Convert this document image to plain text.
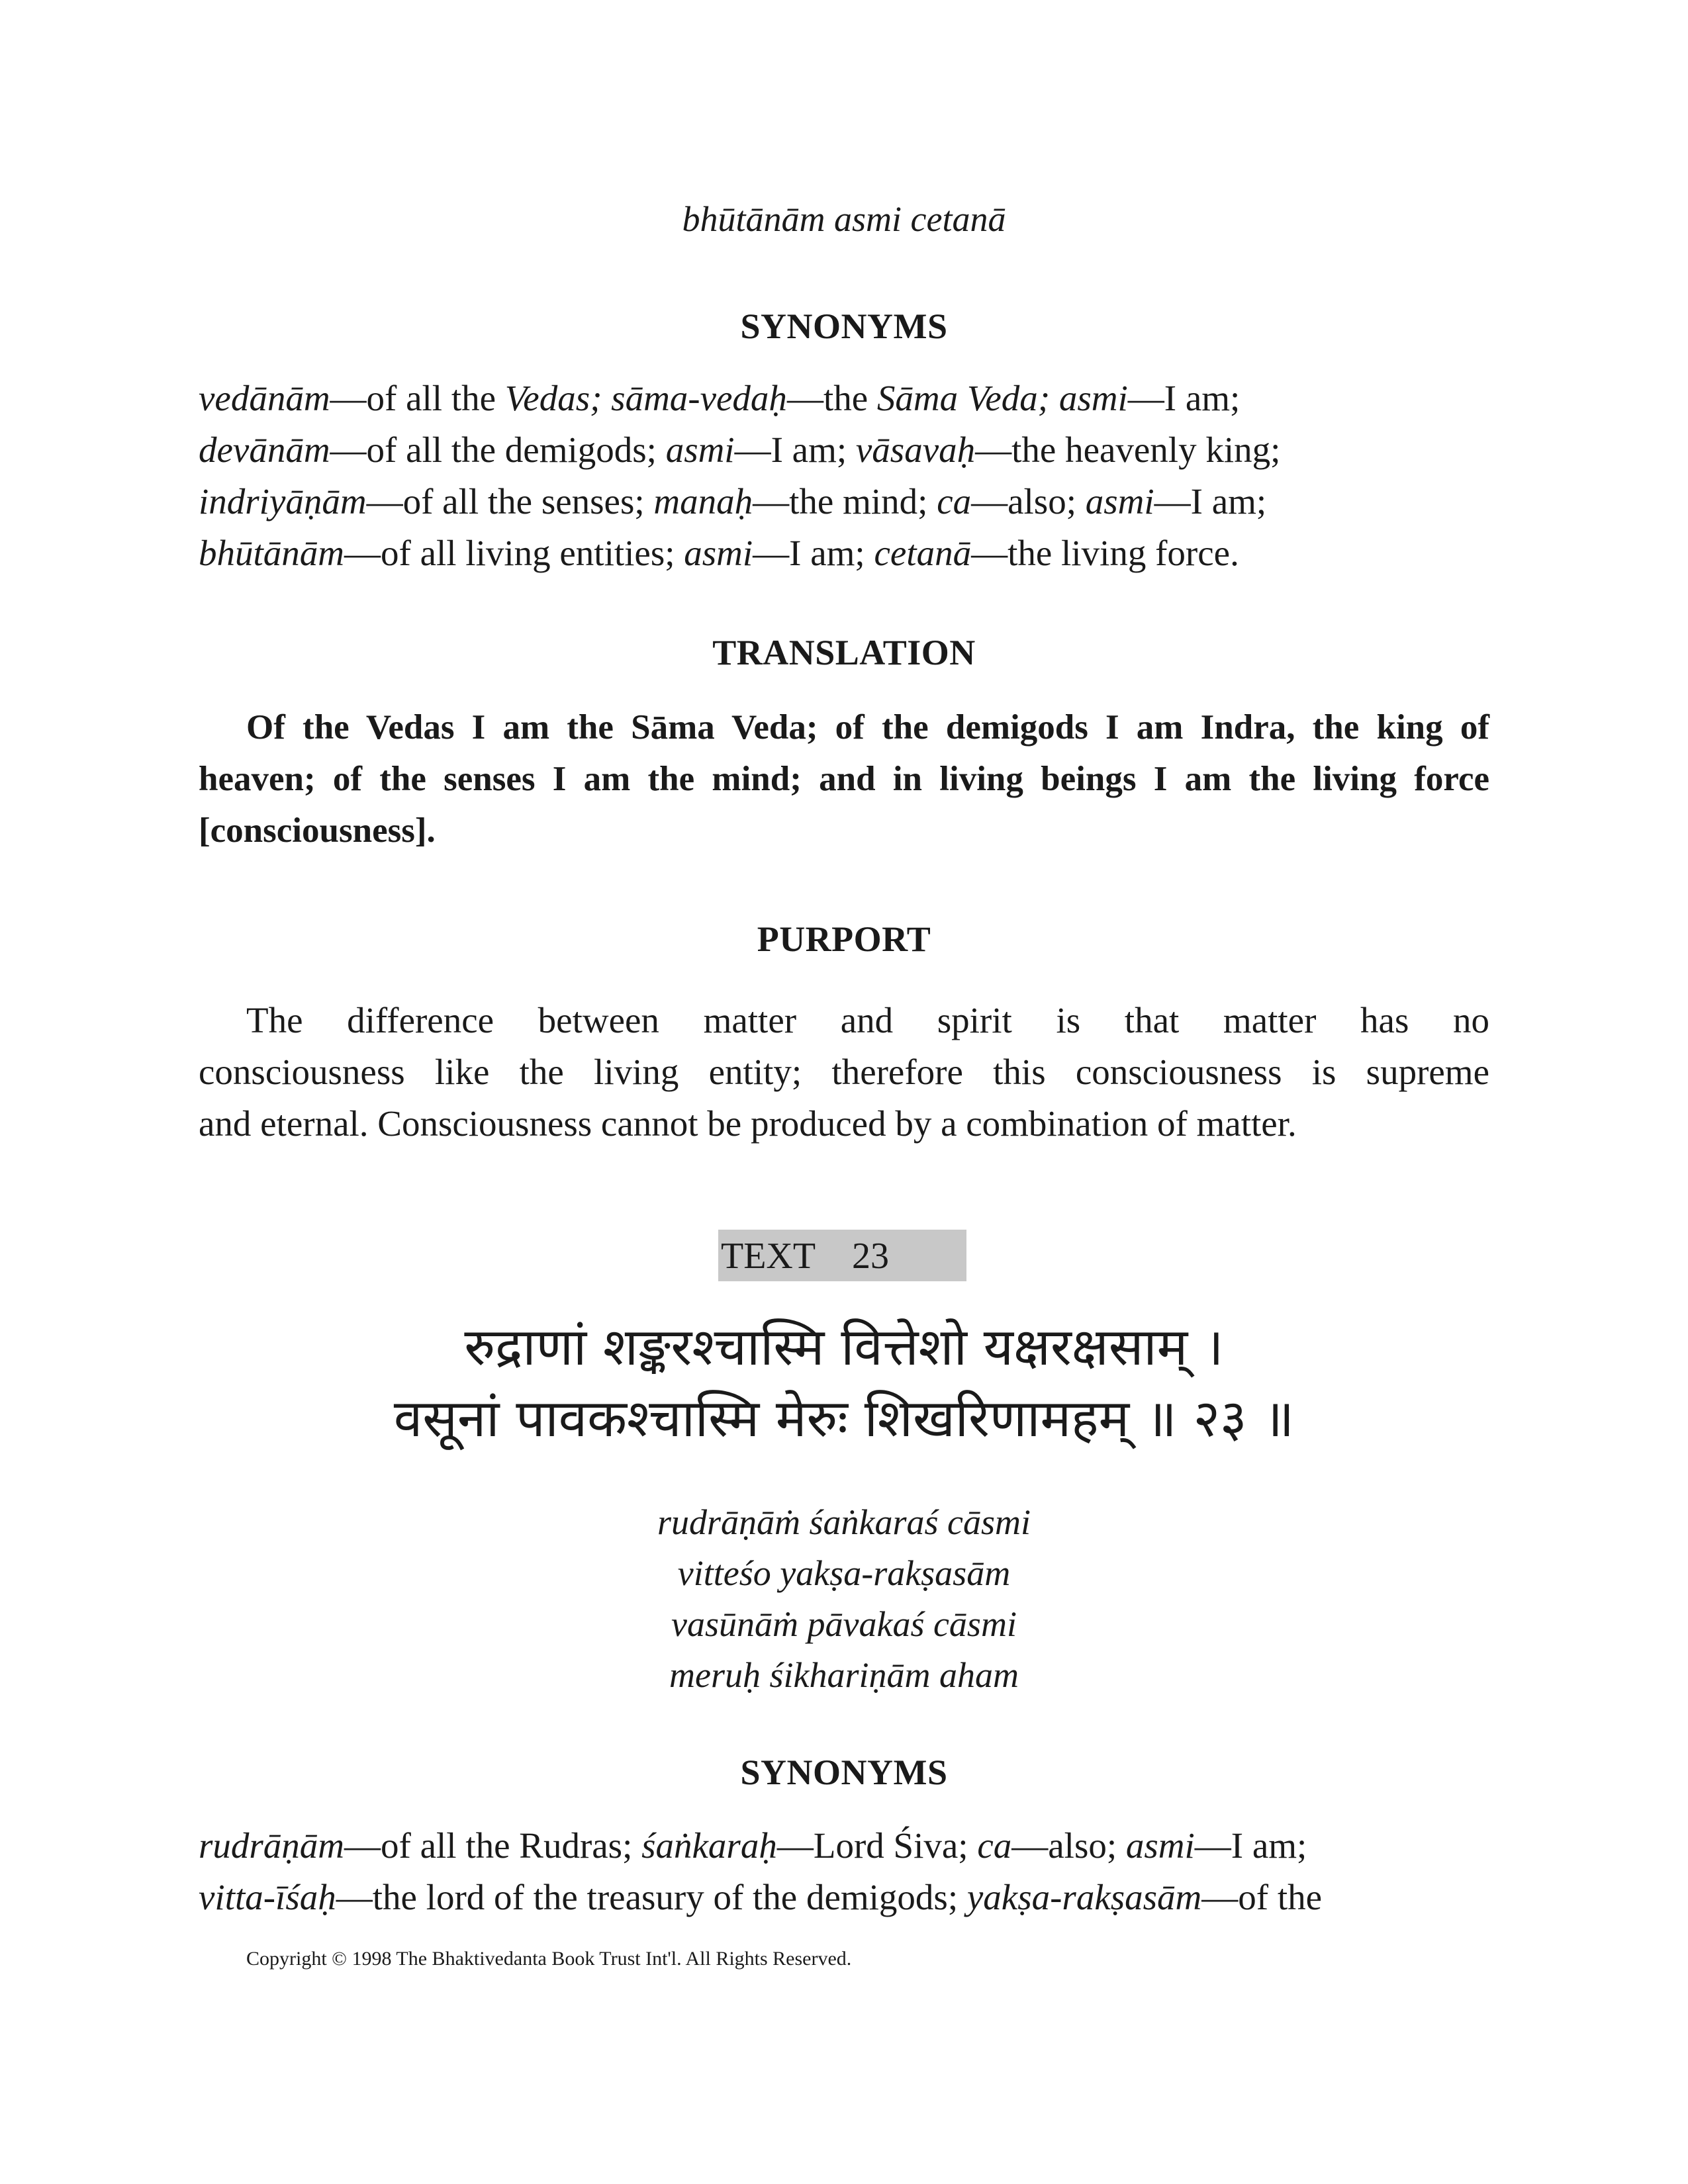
bhūtānām asmi cetanā
SYNONYMS
vedānām—of all the Vedas; sāma-vedaḥ—the Sāma Veda; asmi—I am;
devānām—of all the demigods; asmi—I am; vāsavaḥ—the heavenly king;
indriyāṇām—of all the senses; manaḥ—the mind; ca—also; asmi—I am;
bhūtānām—of all living entities; asmi—I am; cetanā—the living force.
TRANSLATION
Of the Vedas I am the Sāma Veda; of the demigods I am Indra, the king of
heaven; of the senses I am the mind; and in living beings I am the living force
[consciousness].
PURPORT
The difference between matter and spirit is that matter has no
consciousness like the living entity; therefore this consciousness is supreme
and eternal. Consciousness cannot be produced by a combination of matter.
TEXT    23
रुद्राणां शङ्करश्चास्मि वित्तेशो यक्षरक्षसाम् ।
वसूनां पावकश्चास्मि मेरुः शिखरिणामहम् ॥ २३ ॥
rudrāṇāṁ śaṅkaraś cāsmi
vitteśo yakṣa-rakṣasām
vasūnāṁ pāvakaś cāsmi
meruḥ śikhariṇām aham
SYNONYMS
rudrāṇām—of all the Rudras; śaṅkaraḥ—Lord Śiva; ca—also; asmi—I am;
vitta-īśaḥ—the lord of the treasury of the demigods; yakṣa-rakṣasām—of the
Copyright © 1998 The Bhaktivedanta Book Trust Int'l. All Rights Reserved.
